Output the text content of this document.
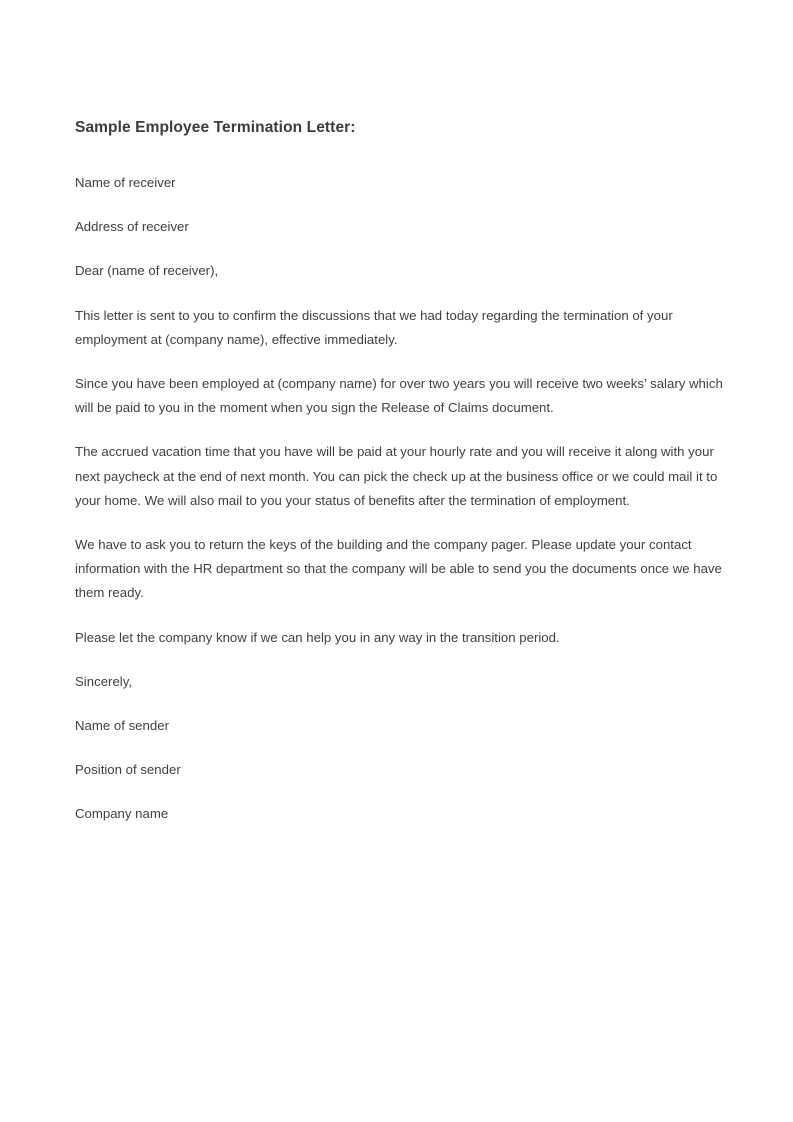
Sample Employee Termination Letter:

Name of receiver

Address of receiver

Dear (name of receiver),

This letter is sent to you to confirm the discussions that we had today regarding the termination of your employment at (company name), effective immediately.

Since you have been employed at (company name) for over two years you will receive two weeks’ salary which will be paid to you in the moment when you sign the Release of Claims document.

The accrued vacation time that you have will be paid at your hourly rate and you will receive it along with your next paycheck at the end of next month. You can pick the check up at the business office or we could mail it to your home. We will also mail to you your status of benefits after the termination of employment.

We have to ask you to return the keys of the building and the company pager. Please update your contact information with the HR department so that the company will be able to send you the documents once we have them ready.

Please let the company know if we can help you in any way in the transition period.

Sincerely,

Name of sender

Position of sender

Company name
